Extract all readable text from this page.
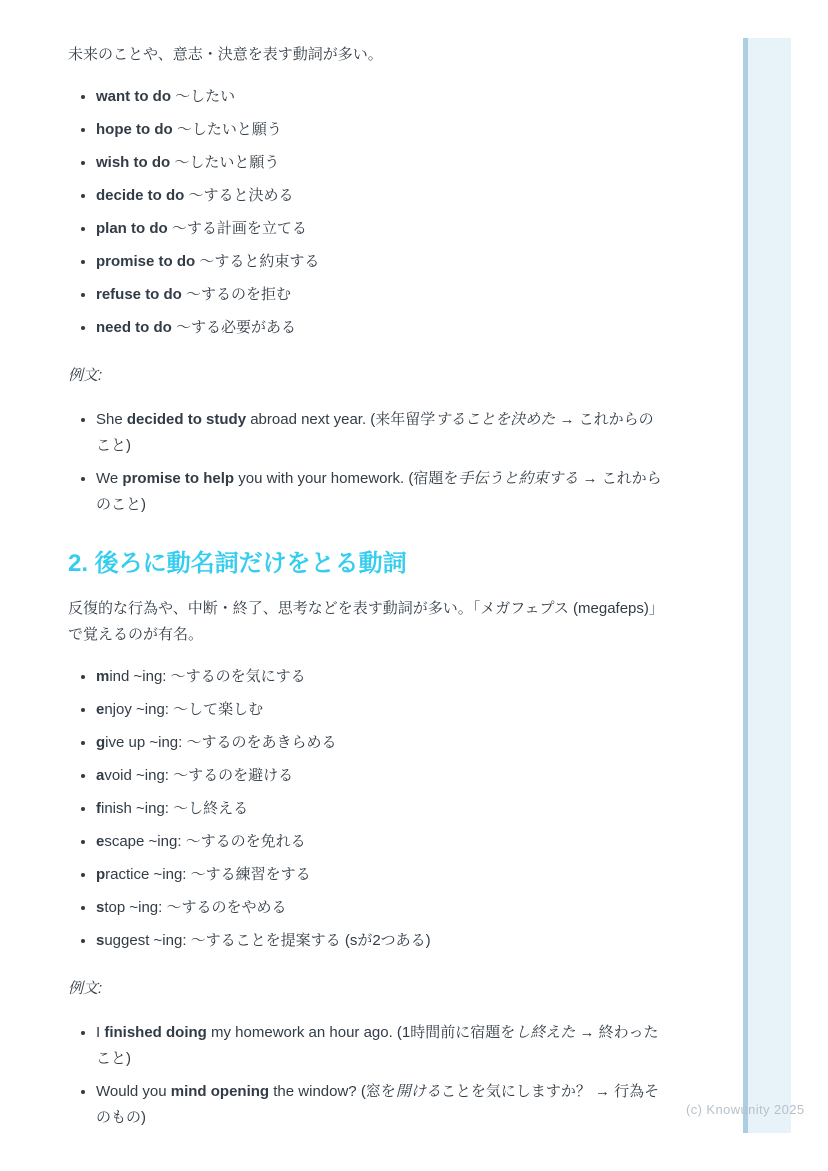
未来のことや、意志・決意を表す動詞が多い。

• want to do ～したい
• hope to do ～したいと願う
• wish to do ～したいと願う
• decide to do ～すると決める
• plan to do ～する計画を立てる
• promise to do ～すると約束する
• refuse to do ～するのを拒む
• need to do ～する必要がある

例文:

• She decided to study abroad next year. (来年留学することを決めた → これからのこと)
• We promise to help you with your homework. (宿題を手伝うと約束する → これからのこと)
2. 後ろに動名詞だけをとる動詞

反復的な行為や、中断・終了、思考などを表す動詞が多い。「メガフェプス (megafeps)」で覚えるのが有名。

• mind ~ing: ～するのを気にする
• enjoy ~ing: ～して楽しむ
• give up ~ing: ～するのをあきらめる
• avoid ~ing: ～するのを避ける
• finish ~ing: ～し終える
• escape ~ing: ～するのを免れる
• practice ~ing: ～する練習をする
• stop ~ing: ～するのをやめる
• suggest ~ing: ～することを提案する (sが2つある)

例文:

• I finished doing my homework an hour ago. (1時間前に宿題をし終えた → 終わったこと)
• Would you mind opening the window? (窓を開けることを気にしますか？ → 行為そのもの)	(c) Knowunity 2025
